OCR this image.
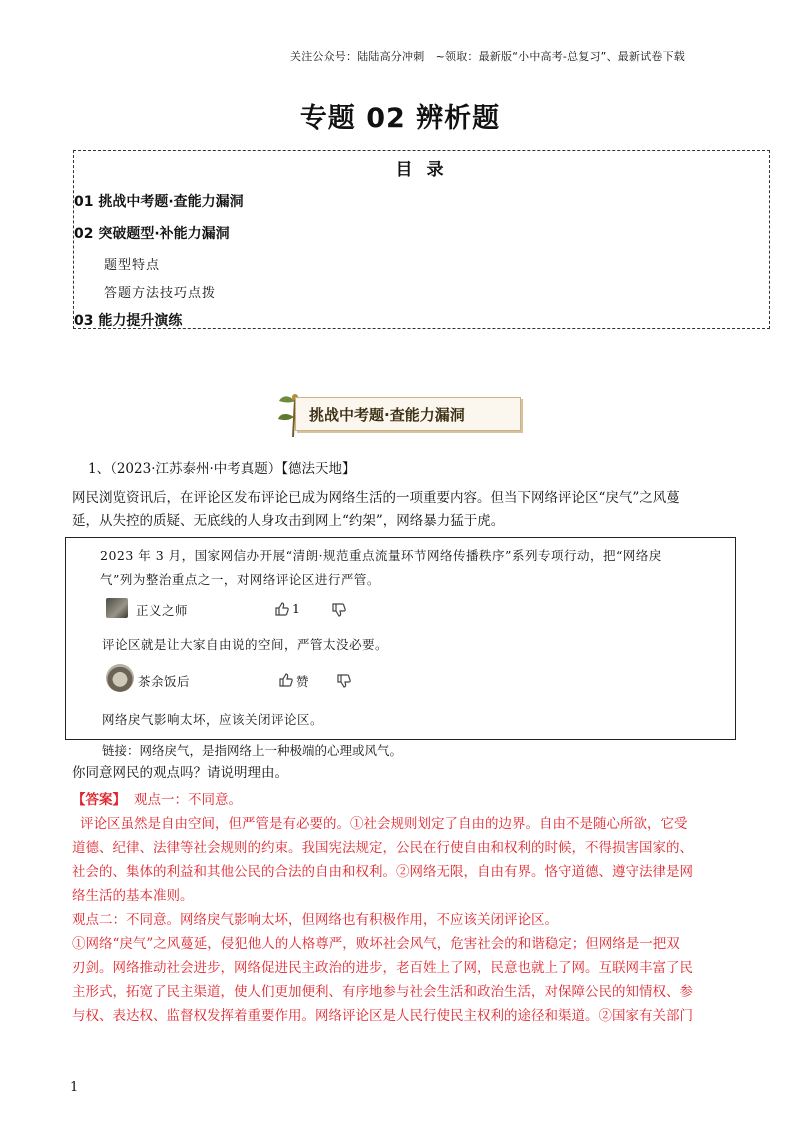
关注公众号：陆陆高分冲刺　~领取：最新版“小中高考-总复习”、最新试卷下载
专题 02 辨析题
目 录
01 挑战中考题·查能力漏洞
02 突破题型·补能力漏洞
题型特点
答题方法技巧点拨
03 能力提升演练
挑战中考题·查能力漏洞
1、（2023·江苏泰州·中考真题）【德法天地】
网民浏览资讯后，在评论区发布评论已成为网络生活的一项重要内容。但当下网络评论区“戾气”之风蔓
延，从失控的质疑、无底线的人身攻击到网上“约架”，网络暴力猛于虎。
2023 年 3 月，国家网信办开展“清朗·规范重点流量环节网络传播秩序”系列专项行动，把“网络戾
气”列为整治重点之一，对网络评论区进行严管。
正义之师	1
评论区就是让大家自由说的空间，严管太没必要。
茶余饭后	赞
网络戾气影响太坏，应该关闭评论区。
链接：网络戾气，是指网络上一种极端的心理或风气。
你同意网民的观点吗？请说明理由。
【答案】 观点一：不同意。
评论区虽然是自由空间，但严管是有必要的。①社会规则划定了自由的边界。自由不是随心所欲，它受
道德、纪律、法律等社会规则的约束。我国宪法规定，公民在行使自由和权利的时候，不得损害国家的、
社会的、集体的利益和其他公民的合法的自由和权利。②网络无限，自由有界。恪守道德、遵守法律是网
络生活的基本准则。
观点二：不同意。网络戾气影响太坏，但网络也有积极作用，不应该关闭评论区。
①网络“戾气”之风蔓延，侵犯他人的人格尊严，败坏社会风气，危害社会的和谐稳定；但网络是一把双
刃剑。网络推动社会进步，网络促进民主政治的进步，老百姓上了网，民意也就上了网。互联网丰富了民
主形式，拓宽了民主渠道，使人们更加便利、有序地参与社会生活和政治生活，对保障公民的知情权、参
与权、表达权、监督权发挥着重要作用。网络评论区是人民行使民主权利的途径和渠道。②国家有关部门
1
